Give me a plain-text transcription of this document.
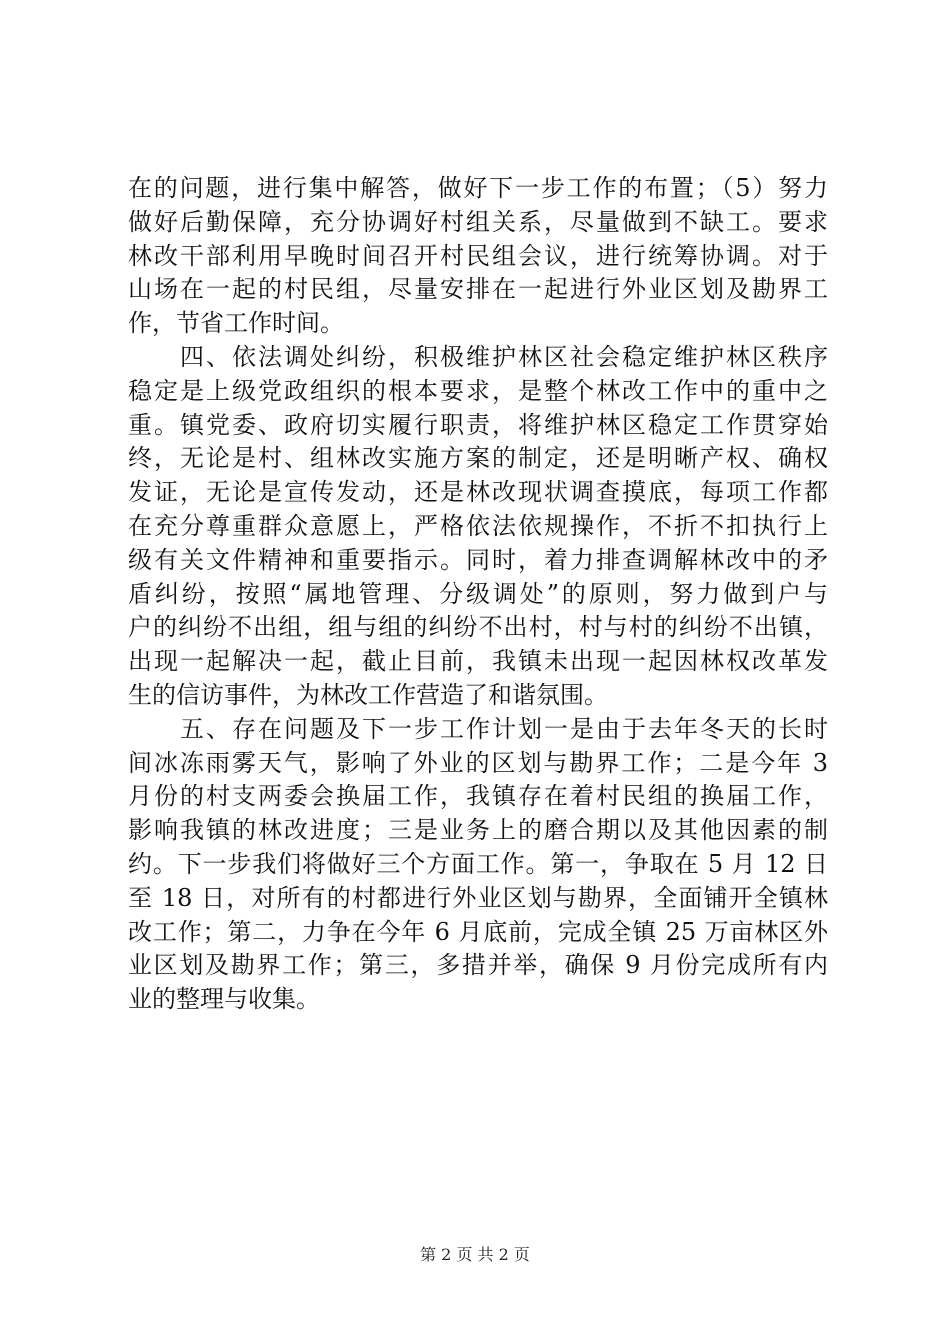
在的问题，进行集中解答，做好下一步工作的布置；（5）努力
做好后勤保障，充分协调好村组关系，尽量做到不缺工。要求
林改干部利用早晚时间召开村民组会议，进行统筹协调。对于
山场在一起的村民组，尽量安排在一起进行外业区划及勘界工
作，节省工作时间。
　　四、依法调处纠纷，积极维护林区社会稳定维护林区秩序
稳定是上级党政组织的根本要求，是整个林改工作中的重中之
重。镇党委、政府切实履行职责，将维护林区稳定工作贯穿始
终，无论是村、组林改实施方案的制定，还是明晰产权、确权
发证，无论是宣传发动，还是林改现状调查摸底，每项工作都
在充分尊重群众意愿上，严格依法依规操作，不折不扣执行上
级有关文件精神和重要指示。同时，着力排查调解林改中的矛
盾纠纷，按照“属地管理、分级调处”的原则，努力做到户与
户的纠纷不出组，组与组的纠纷不出村，村与村的纠纷不出镇，
出现一起解决一起，截止目前，我镇未出现一起因林权改革发
生的信访事件，为林改工作营造了和谐氛围。
　　五、存在问题及下一步工作计划一是由于去年冬天的长时
间冰冻雨雾天气，影响了外业的区划与勘界工作；二是今年 3
月份的村支两委会换届工作，我镇存在着村民组的换届工作，
影响我镇的林改进度；三是业务上的磨合期以及其他因素的制
约。下一步我们将做好三个方面工作。第一，争取在 5 月 12 日
至 18 日，对所有的村都进行外业区划与勘界，全面铺开全镇林
改工作；第二，力争在今年 6 月底前，完成全镇 25 万亩林区外
业区划及勘界工作；第三，多措并举，确保 9 月份完成所有内
业的整理与收集。
第 2 页 共 2 页
